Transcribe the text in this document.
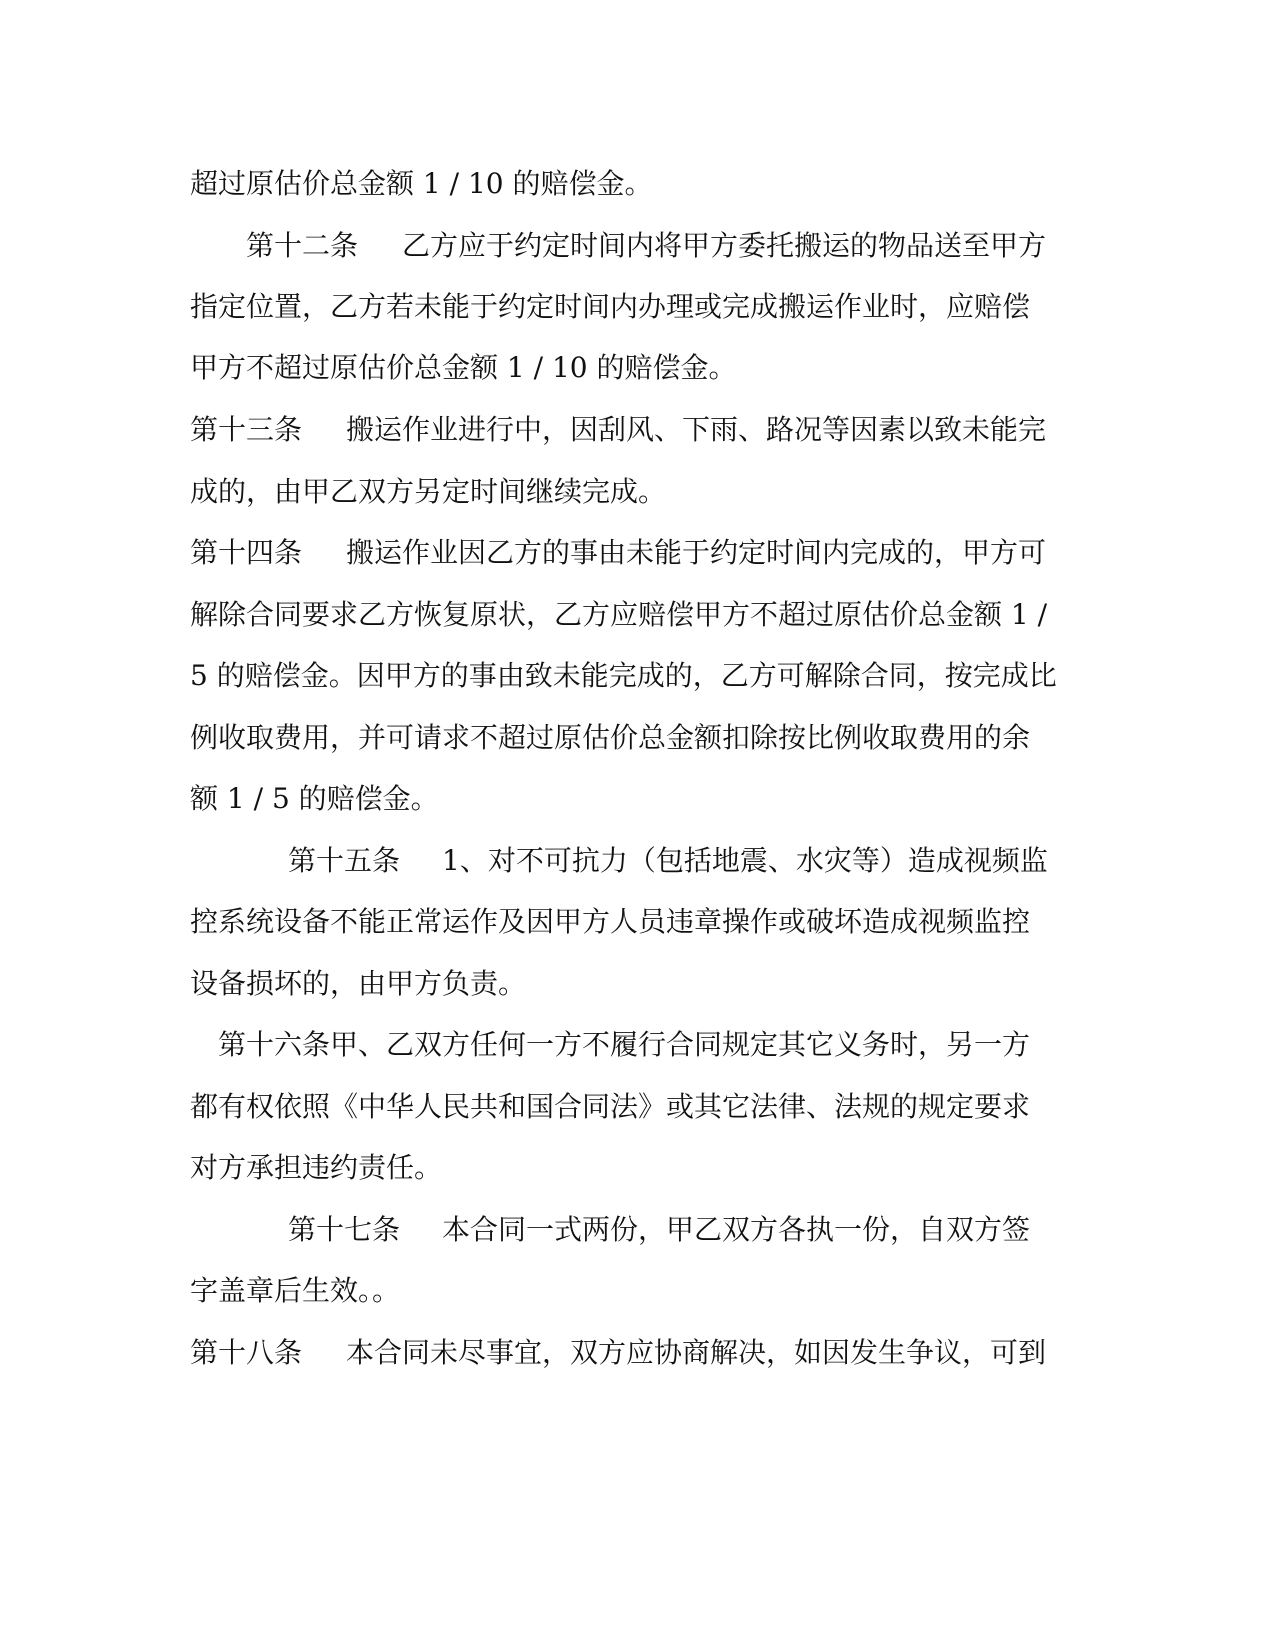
超过原估价总金额 1 / 10 的赔偿金。
第十二条 乙方应于约定时间内将甲方委托搬运的物品送至甲方
指定位置，乙方若未能于约定时间内办理或完成搬运作业时，应赔偿
甲方不超过原估价总金额 1 / 10 的赔偿金。
第十三条 搬运作业进行中，因刮风、下雨、路况等因素以致未能完
成的，由甲乙双方另定时间继续完成。
第十四条 搬运作业因乙方的事由未能于约定时间内完成的，甲方可
解除合同要求乙方恢复原状，乙方应赔偿甲方不超过原估价总金额 1 /
5 的赔偿金。因甲方的事由致未能完成的，乙方可解除合同，按完成比
例收取费用，并可请求不超过原估价总金额扣除按比例收取费用的余
额 1 / 5 的赔偿金。
第十五条 1、对不可抗力（包括地震、水灾等）造成视频监
控系统设备不能正常运作及因甲方人员违章操作或破坏造成视频监控
设备损坏的，由甲方负责。
第十六条甲、乙双方任何一方不履行合同规定其它义务时，另一方
都有权依照《中华人民共和国合同法》或其它法律、法规的规定要求
对方承担违约责任。
第十七条 本合同一式两份，甲乙双方各执一份，自双方签
字盖章后生效。。
第十八条 本合同未尽事宜，双方应协商解决，如因发生争议，可到
